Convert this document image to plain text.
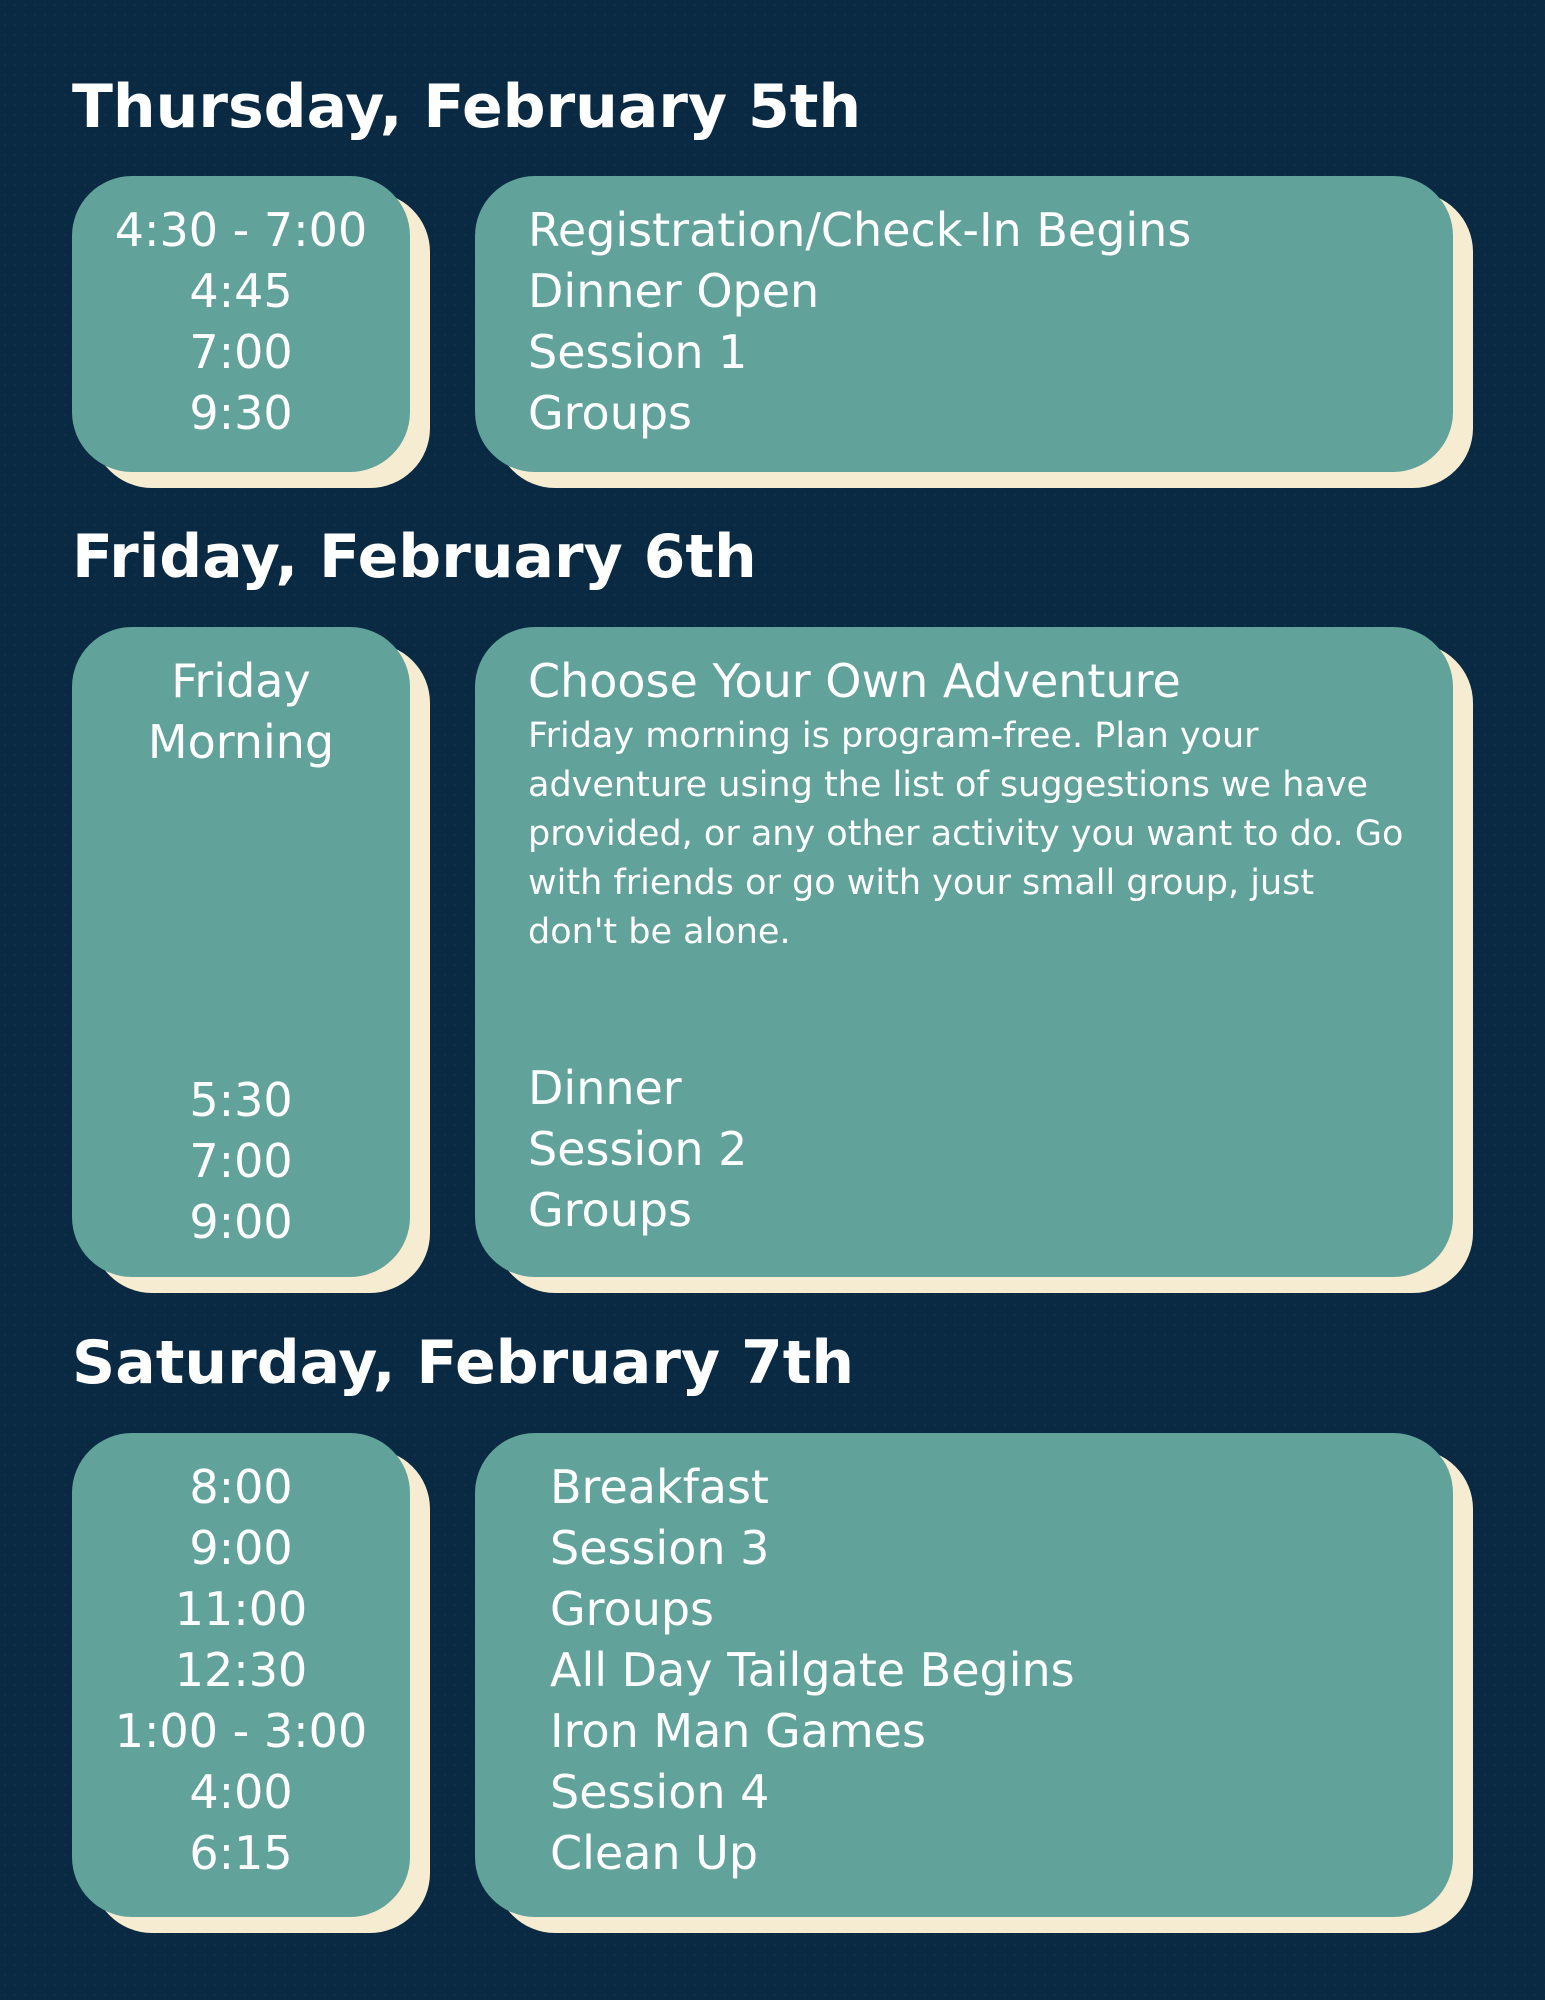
Thursday, February 5th
4:30 - 7:00
4:45
7:00
9:30
Registration/Check-In Begins
Dinner Open
Session 1
Groups
Friday, February 6th
Friday
Morning
5:30
7:00
9:00
Choose Your Own Adventure
Friday morning is program-free. Plan your adventure using the list of suggestions we have provided, or any other activity you want to do. Go with friends or go with your small group, just don't be alone.
Dinner
Session 2
Groups
Saturday, February 7th
8:00
9:00
11:00
12:30
1:00 - 3:00
4:00
6:15
Breakfast
Session 3
Groups
All Day Tailgate Begins
Iron Man Games
Session 4
Clean Up
